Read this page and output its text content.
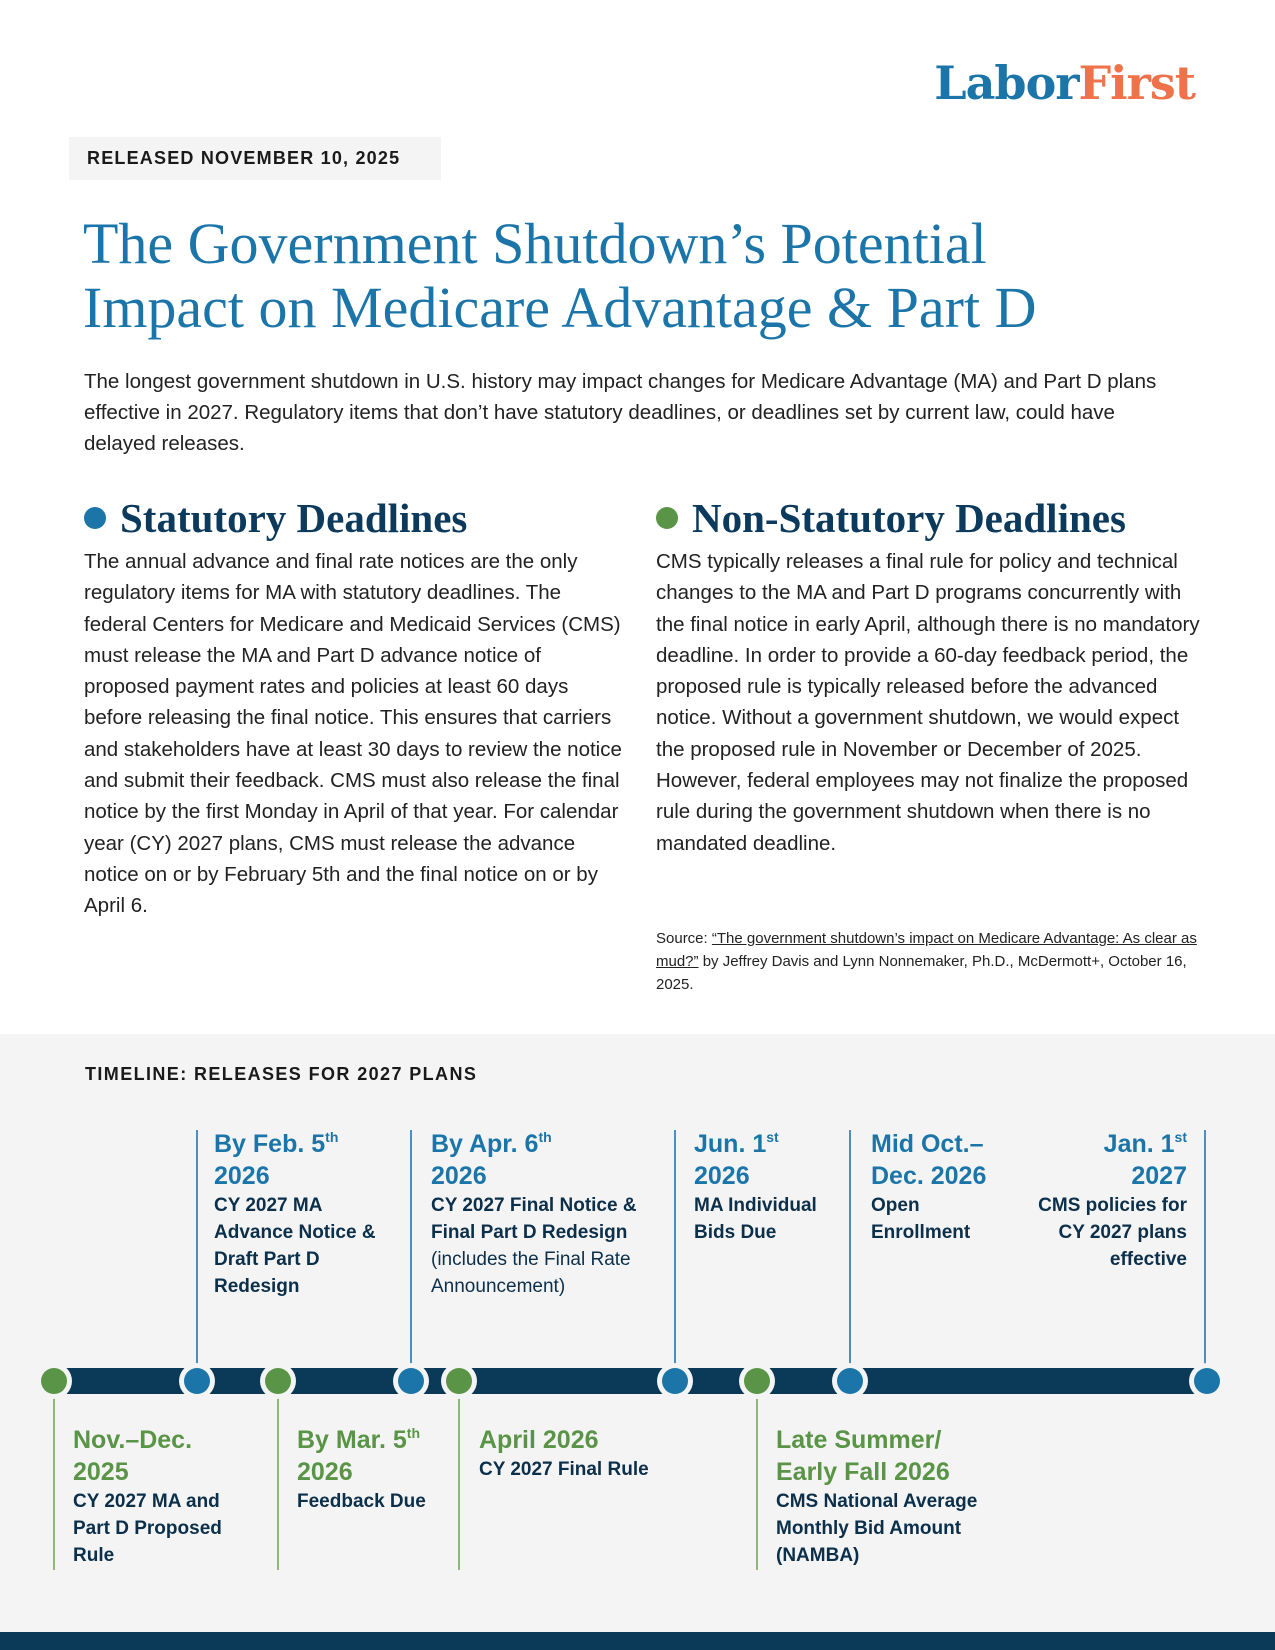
LaborFirst
RELEASED NOVEMBER 10, 2025
The Government Shutdown’s Potential
Impact on Medicare Advantage & Part D

The longest government shutdown in U.S. history may impact changes for Medicare Advantage (MA) and Part D plans effective in 2027. Regulatory items that don’t have statutory deadlines, or deadlines set by current law, could have delayed releases.

Statutory Deadlines

The annual advance and final rate notices are the only regulatory items for MA with statutory deadlines. The federal Centers for Medicare and Medicaid Services (CMS) must release the MA and Part D advance notice of proposed payment rates and policies at least 60 days before releasing the final notice. This ensures that carriers and stakeholders have at least 30 days to review the notice and submit their feedback. CMS must also release the final notice by the first Monday in April of that year. For calendar year (CY) 2027 plans, CMS must release the advance notice on or by February 5th and the final notice on or by April 6.

Non-Statutory Deadlines

CMS typically releases a final rule for policy and technical changes to the MA and Part D programs concurrently with the final notice in early April, although there is no mandatory deadline. In order to provide a 60-day feedback period, the proposed rule is typically released before the advanced notice. Without a government shutdown, we would expect the proposed rule in November or December of 2025. However, federal employees may not finalize the proposed rule during the government shutdown when there is no mandated deadline.

Source: “The government shutdown’s impact on Medicare Advantage: As clear as mud?” by Jeffrey Davis and Lynn Nonnemaker, Ph.D., McDermott+, October 16, 2025.

TIMELINE: RELEASES FOR 2027 PLANS
By Feb. 5th
2026
CY 2027 MA Advance Notice & Draft Part D Redesign
By Apr. 6th
2026
CY 2027 Final Notice & Final Part D Redesign
(includes the Final Rate Announcement)
Jun. 1st
2026
MA Individual Bids Due
Mid Oct.–
Dec. 2026
Open Enrollment
Jan. 1st
2027
CMS policies for CY 2027 plans effective
Nov.–Dec.
2025
CY 2027 MA and Part D Proposed Rule
By Mar. 5th
2026
Feedback Due
April 2026
CY 2027 Final Rule
Late Summer/
Early Fall 2026
CMS National Average Monthly Bid Amount (NAMBA)
